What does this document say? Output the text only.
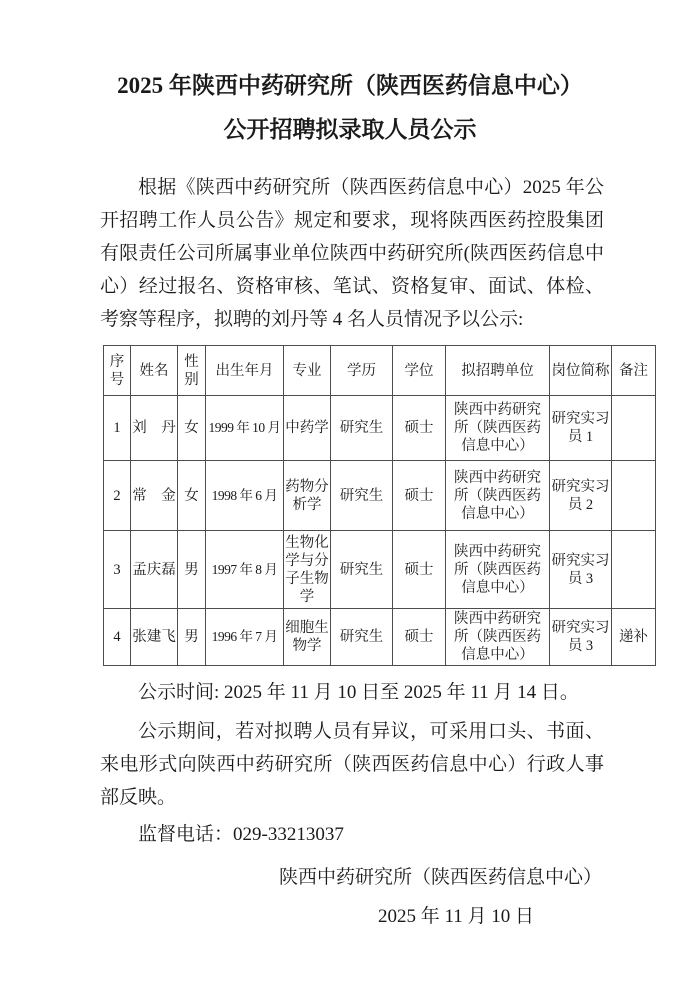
2025 年陕西中药研究所（陕西医药信息中心）
公开招聘拟录取人员公示
根据《陕西中药研究所（陕西医药信息中心）2025 年公开招聘工作人员公告》规定和要求，现将陕西医药控股集团有限责任公司所属事业单位陕西中药研究所(陕西医药信息中心）经过报名、资格审核、笔试、资格复审、面试、体检、考察等程序，拟聘的刘丹等 4 名人员情况予以公示:
序号	姓名	性别	出生年月	专业	学历	学位	拟招聘单位	岗位简称	备注
1	刘　丹	女	1999 年 10 月	中药学	研究生	硕士	陕西中药研究所（陕西医药信息中心）	研究实习员 1	
2	常　金	女	1998 年 6 月	药物分析学	研究生	硕士	陕西中药研究所（陕西医药信息中心）	研究实习员 2	
3	孟庆磊	男	1997 年 8 月	生物化学与分子生物学	研究生	硕士	陕西中药研究所（陕西医药信息中心）	研究实习员 3	
4	张建飞	男	1996 年 7 月	细胞生物学	研究生	硕士	陕西中药研究所（陕西医药信息中心）	研究实习员 3	递补
公示时间: 2025 年 11 月 10 日至 2025 年 11 月 14 日。
公示期间，若对拟聘人员有异议，可采用口头、书面、来电形式向陕西中药研究所（陕西医药信息中心）行政人事部反映。
监督电话：029-33213037
陕西中药研究所（陕西医药信息中心）
2025 年 11 月 10 日
